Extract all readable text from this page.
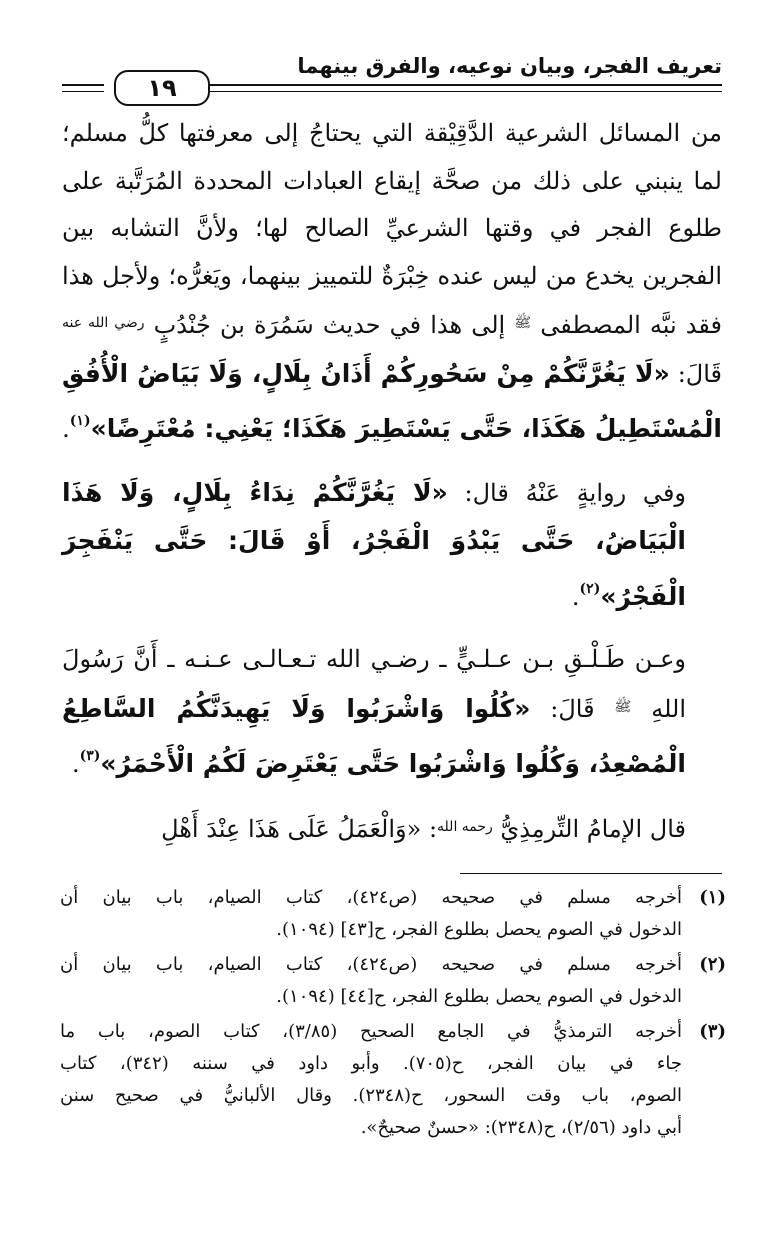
تعريف الفجر، وبيان نوعيه، والفرق بينهما
١٩

من المسائل الشرعية الدَّقِيْقة التي يحتاجُ إلى معرفتها كلُّ مسلم؛ لما ينبني على ذلك من صحَّة إيقاع العبادات المحددة المُرَتَّبة على طلوع الفجر في وقتها الشرعيِّ الصالح لها؛ ولأنَّ التشابه بين الفجرين يخدع من ليس عنده خِبْرَةٌ للتمييز بينهما، ويَغرُّه؛ ولأجل هذا فقد نبَّه المصطفى $^ﷺ$ إلى هذا في حديث سَمُرَة بن جُنْدُبٍ $^{رضي الله عنه}$ قَالَ: «لَا يَغُرَّنَّكُمْ مِنْ سَحُورِكُمْ أَذَانُ بِلَالٍ، وَلَا بَيَاضُ الْأُفُقِ الْمُسْتَطِيلُ هَكَذَا، حَتَّى يَسْتَطِيرَ هَكَذَا؛ يَعْنِي: مُعْتَرِضًا»$^{(١)}$.

وفي روايةٍ عَنْهُ قال: «لَا يَغُرَّنَّكُمْ نِدَاءُ بِلَالٍ، وَلَا هَذَا الْبَيَاضُ، حَتَّى يَبْدُوَ الْفَجْرُ، أَوْ قَالَ: حَتَّى يَنْفَجِرَ الْفَجْرُ»$^{(٢)}$.

وعـن طَـلْـقِ بـن عـلـيٍّ ـ رضـي الله تـعـالـى عـنـه ـ أَنَّ رَسُولَ اللهِ $^ﷺ$ قَالَ: «كُلُوا وَاشْرَبُوا وَلَا يَهِيدَنَّكُمُ السَّاطِعُ الْمُصْعِدُ، وَكُلُوا وَاشْرَبُوا حَتَّى يَعْتَرِضَ لَكُمُ الْأَحْمَرُ»$^{(٣)}$.

قال الإمامُ التِّرمِذِيُّ $^{رحمه الله}$: «وَالْعَمَلُ عَلَى هَذَا عِنْدَ أَهْلِ

(١)
أخرجه مسلم في صحيحه (ص٤٢٤)، كتاب الصيام، باب بيان أن
الدخول في الصوم يحصل بطلوع الفجر، ح[٤٣] (١٠٩٤).
(٢)
أخرجه مسلم في صحيحه (ص٤٢٤)، كتاب الصيام، باب بيان أن
الدخول في الصوم يحصل بطلوع الفجر، ح[٤٤] (١٠٩٤).
(٣)
أخرجه الترمذيُّ في الجامع الصحيح (٣/٨٥)، كتاب الصوم، باب ما
جاء في بيان الفجر، ح(٧٠٥). وأبو داود في سننه (٣٤٢)، كتاب
الصوم، باب وقت السحور، ح(٢٣٤٨). وقال الألبانيُّ في صحيح سنن
أبي داود (٢/٥٦)، ح(٢٣٤٨): «حسنٌ صحيحٌ».
